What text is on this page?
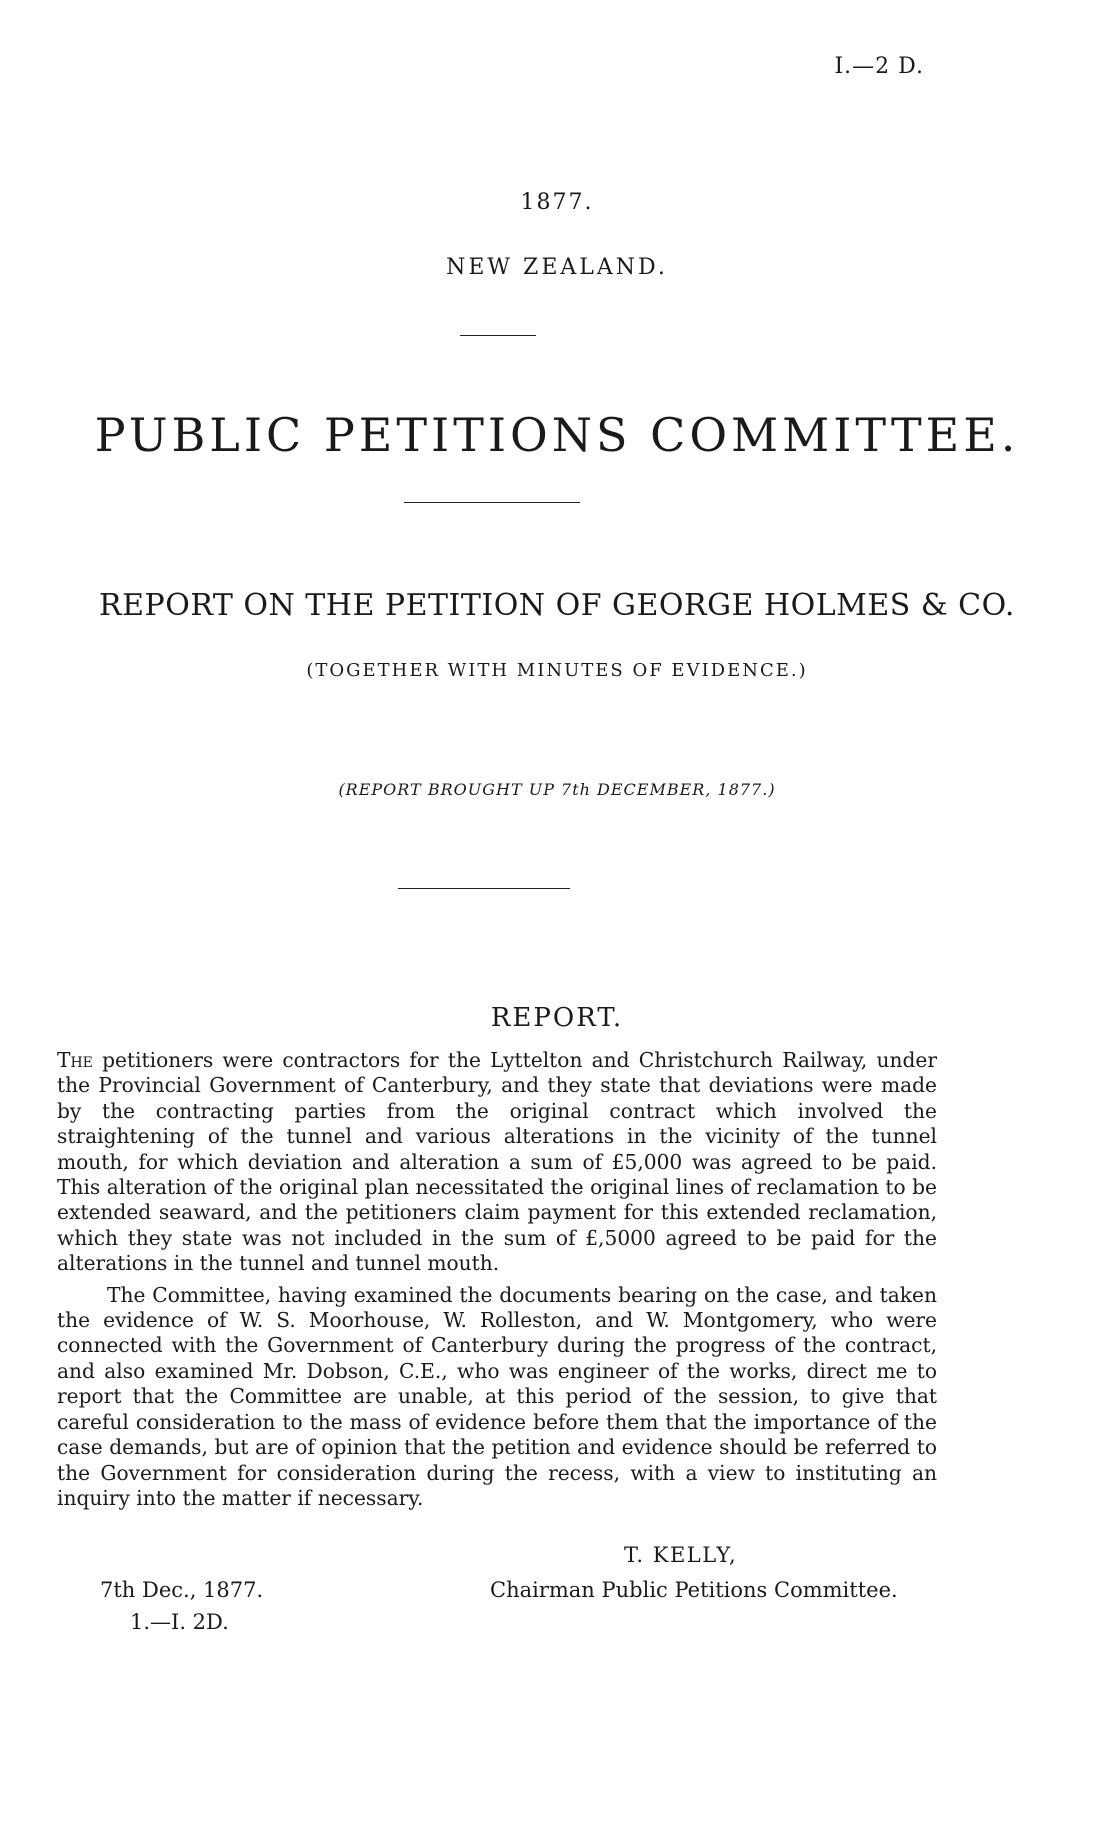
I.—2 D.
1877.
NEW ZEALAND.
PUBLIC PETITIONS COMMITTEE.
REPORT ON THE PETITION OF GEORGE HOLMES & CO.
(TOGETHER WITH MINUTES OF EVIDENCE.)
(REPORT BROUGHT UP 7th DECEMBER, 1877.)
REPORT.

The petitioners were contractors for the Lyttelton and Christchurch Railway, under the Provincial Government of Canterbury, and they state that deviations were made by the contracting parties from the original contract which involved the straightening of the tunnel and various alterations in the vicinity of the tunnel mouth, for which deviation and alteration a sum of £5,000 was agreed to be paid. This alteration of the original plan necessitated the original lines of reclamation to be extended seaward, and the petitioners claim payment for this extended reclamation, which they state was not included in the sum of £,5000 agreed to be paid for the alterations in the tunnel and tunnel mouth.

The Committee, having examined the documents bearing on the case, and taken the evidence of W. S. Moorhouse, W. Rolleston, and W. Montgomery, who were connected with the Government of Canterbury during the progress of the contract, and also examined Mr. Dobson, C.E., who was engineer of the works, direct me to report that the Committee are unable, at this period of the session, to give that careful consideration to the mass of evidence before them that the importance of the case demands, but are of opinion that the petition and evidence should be referred to the Government for consideration during the recess, with a view to instituting an inquiry into the matter if necessary.

T. KELLY,
Chairman Public Petitions Committee.
7th Dec., 1877.
1.—I. 2D.
